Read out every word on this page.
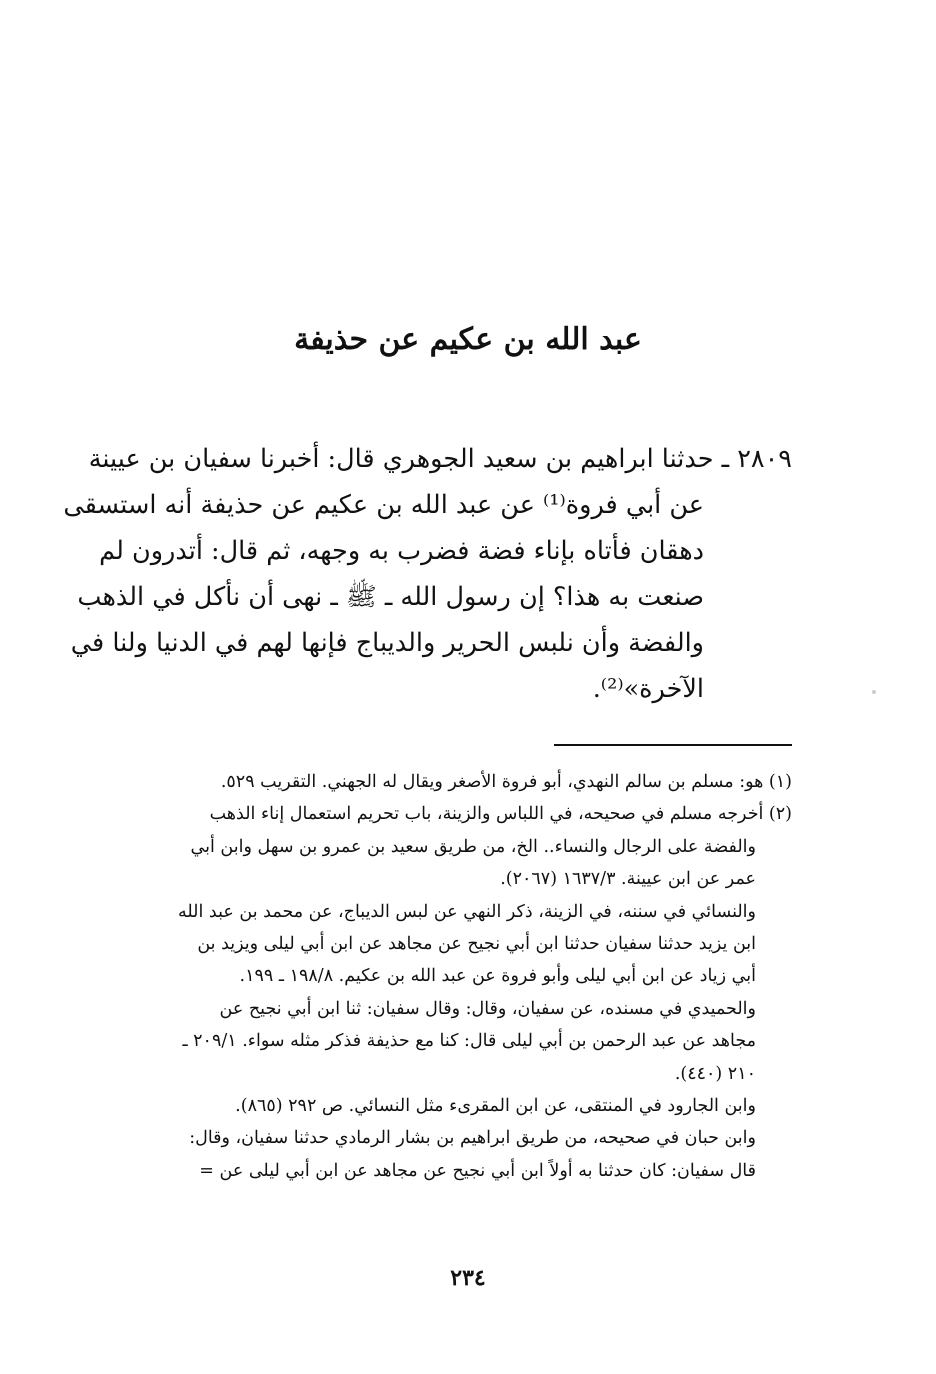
عبد الله بن عكيم عن حذيفة
٢٨٠٩ ـ حدثنا ابراهيم بن سعيد الجوهري قال: أخبرنا سفيان بن عيينة
عن أبي فروة⁽¹⁾ عن عبد الله بن عكيم عن حذيفة أنه استسقى
دهقان فأتاه بإناء فضة فضرب به وجهه، ثم قال: أتدرون لم
صنعت به هذا؟ إن رسول الله ـ ﷺ ـ نهى أن نأكل في الذهب
والفضة وأن نلبس الحرير والديباج فإنها لهم في الدنيا ولنا في
الآخرة»⁽²⁾.
(١) هو: مسلم بن سالم النهدي، أبو فروة الأصغر ويقال له الجهني. التقريب ٥٢٩.
(٢) أخرجه مسلم في صحيحه، في اللباس والزينة، باب تحريم استعمال إناء الذهب
والفضة على الرجال والنساء.. الخ، من طريق سعيد بن عمرو بن سهل وابن أبي
عمر عن ابن عيينة. ١٦٣٧/٣ (٢٠٦٧).
والنسائي في سننه، في الزينة، ذكر النهي عن لبس الديباج، عن محمد بن عبد الله
ابن يزيد حدثنا سفيان حدثنا ابن أبي نجيح عن مجاهد عن ابن أبي ليلى ويزيد بن
أبي زياد عن ابن أبي ليلى وأبو فروة عن عبد الله بن عكيم. ١٩٨/٨ ـ ١٩٩.
والحميدي في مسنده، عن سفيان، وقال: وقال سفيان: ثنا ابن أبي نجيح عن
مجاهد عن عبد الرحمن بن أبي ليلى قال: كنا مع حذيفة فذكر مثله سواء. ٢٠٩/١ ـ
٢١٠ (٤٤٠).
وابن الجارود في المنتقى، عن ابن المقرىء مثل النسائي. ص ٢٩٢ (٨٦٥).
وابن حبان في صحيحه، من طريق ابراهيم بن بشار الرمادي حدثنا سفيان، وقال:
قال سفيان: كان حدثنا به أولاً ابن أبي نجيح عن مجاهد عن ابن أبي ليلى عن =
٢٣٤
